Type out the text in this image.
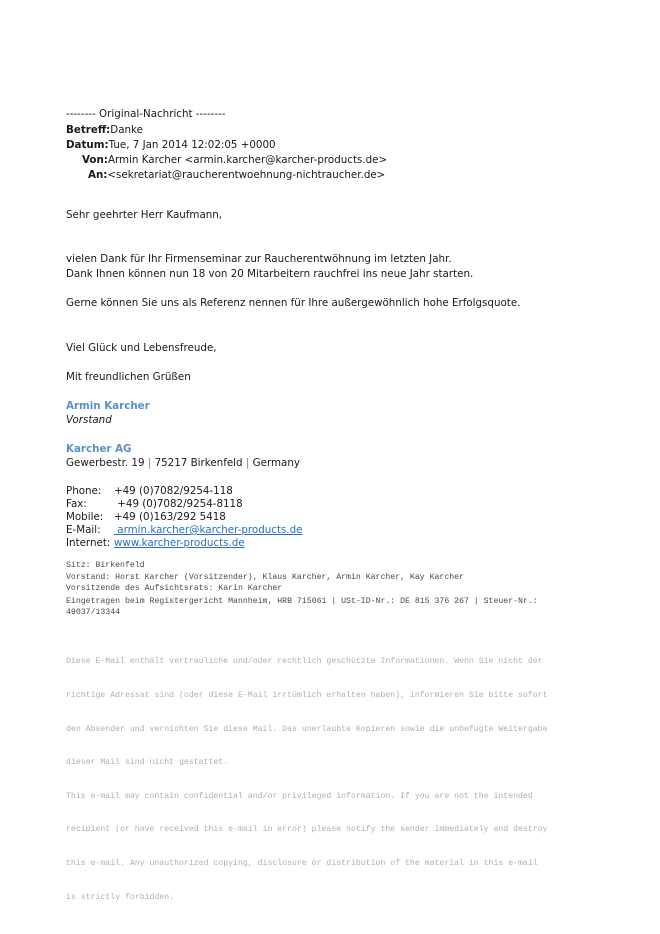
-------- Original-Nachricht --------
Betreff:Danke
Datum:Tue, 7 Jan 2014 12:02:05 +0000
Von:Armin Karcher <armin.karcher@karcher-products.de>
An:<sekretariat@raucherentwoehnung-nichtraucher.de>
Sehr geehrter Herr Kaufmann,
vielen Dank für Ihr Firmenseminar zur Raucherentwöhnung im letzten Jahr.
Dank Ihnen können nun 18 von 20 Mitarbeitern rauchfrei ins neue Jahr starten.
Gerne können Sie uns als Referenz nennen für Ihre außergewöhnlich hohe Erfolgsquote.
Viel Glück und Lebensfreude,
Mit freundlichen Grüßen
Armin Karcher
Vorstand
Karcher AG
Gewerbestr. 19 | 75217 Birkenfeld | Germany
Phone:	+49 (0)7082/9254-118
Fax:	+49 (0)7082/9254-8118
Mobile:	+49 (0)163/292 5418
E-Mail:	armin.karcher@karcher-products.de
Internet: www.karcher-products.de
Sitz: Birkenfeld
Vorstand: Horst Karcher (Vorsitzender), Klaus Karcher, Armin Karcher, Kay Karcher
Vorsitzende des Aufsichtsrats: Karin Karcher
Eingetragen beim Registergericht Mannheim, HRB 715061 | USt-ID-Nr.: DE 815 376 267 | Steuer-Nr.:
49037/13344

Diese E-Mail enthält vertrauliche und/oder rechtlich geschützte Informationen. Wenn Sie nicht der

richtige Adressat sind (oder diese E-Mail irrtümlich erhalten haben), informieren Sie bitte sofort

den Absender und vernichten Sie diese Mail. Das unerlaubte Kopieren sowie die unbefugte Weitergabe

dieser Mail sind nicht gestattet.

This e-mail may contain confidential and/or privileged information. If you are not the intended

recipient (or have received this e-mail in error) please notify the sender immediately and destroy

this e-mail. Any unauthorized copying, disclosure or distribution of the material in this e-mail

is strictly forbidden.
